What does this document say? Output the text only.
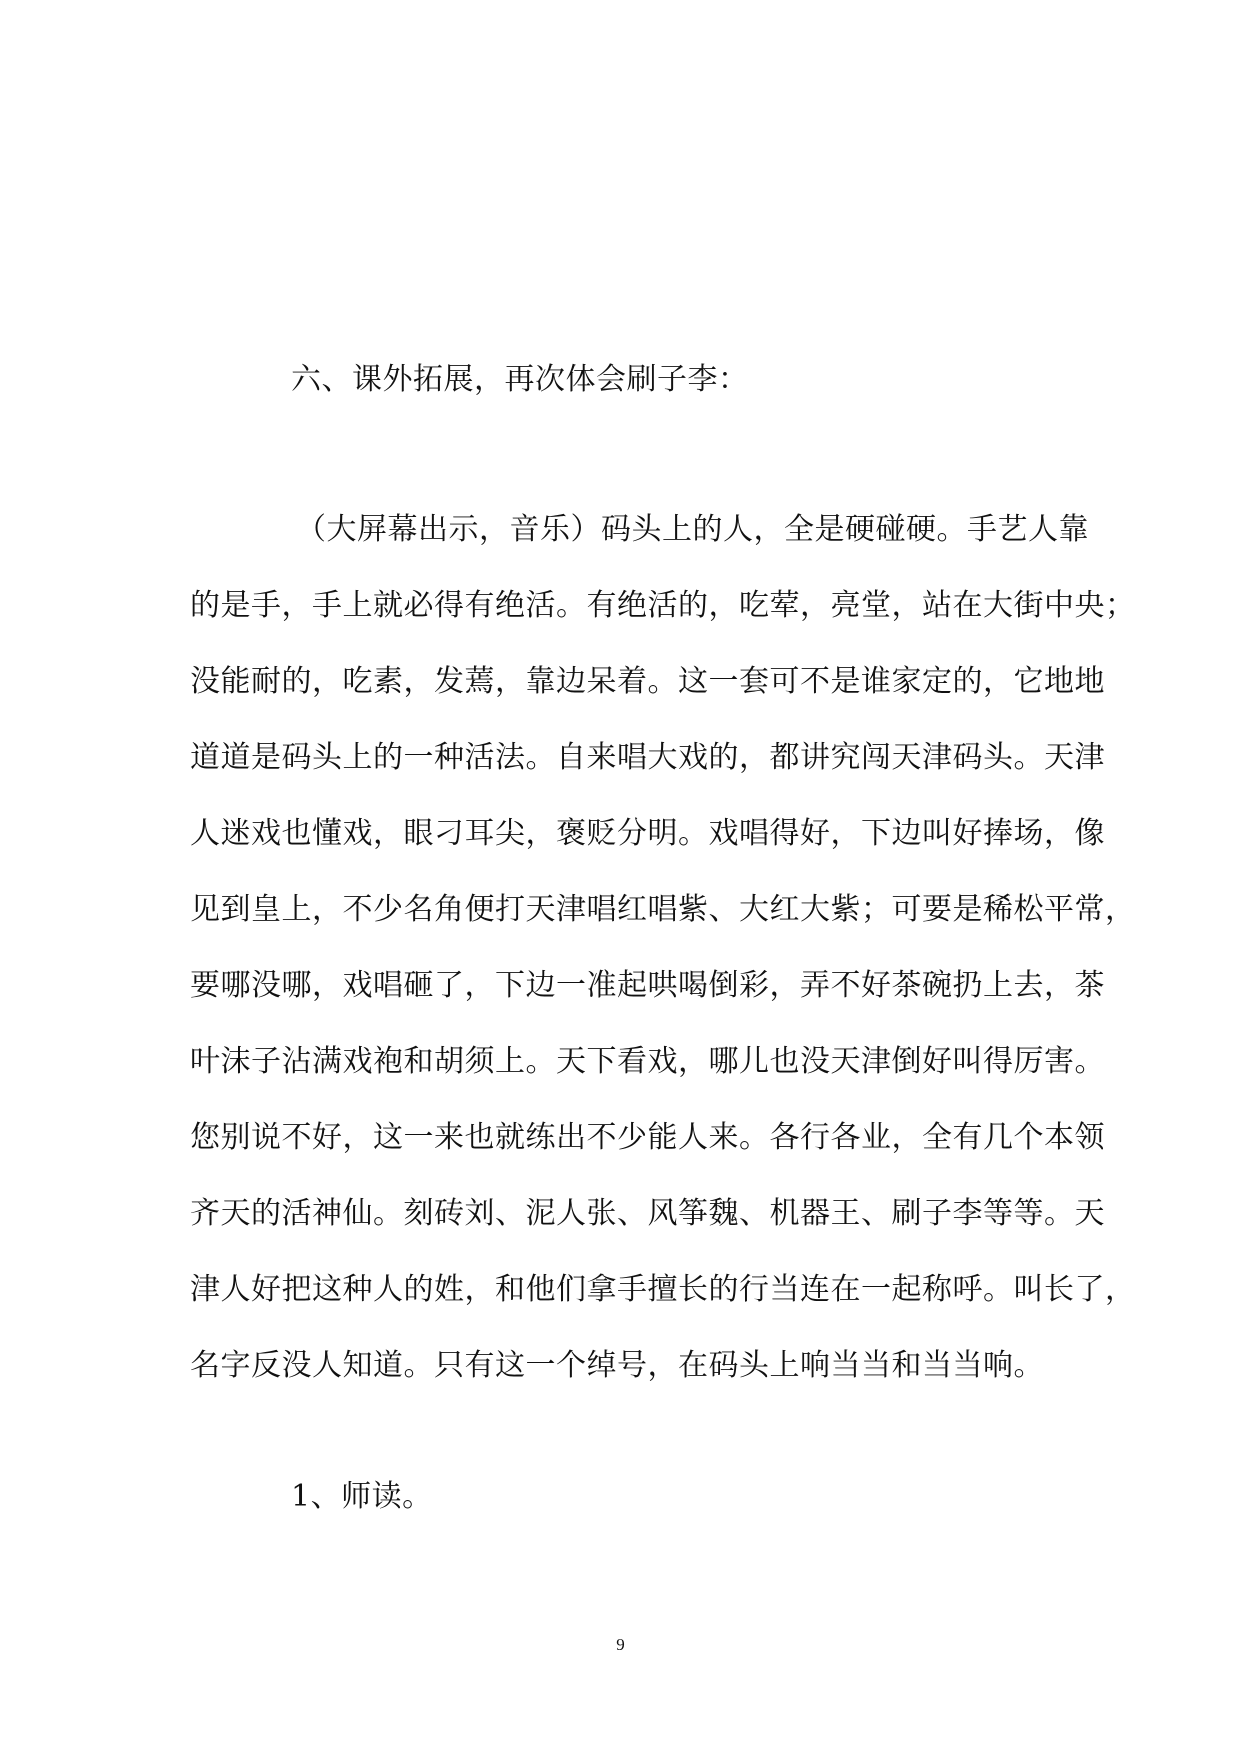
六、课外拓展，再次体会刷子李：
（大屏幕出示，音乐）码头上的人，全是硬碰硬。手艺人靠
的是手，手上就必得有绝活。有绝活的，吃荤，亮堂，站在大街中央；
没能耐的，吃素，发蔫，靠边呆着。这一套可不是谁家定的，它地地
道道是码头上的一种活法。自来唱大戏的，都讲究闯天津码头。天津
人迷戏也懂戏，眼刁耳尖，褒贬分明。戏唱得好，下边叫好捧场，像
见到皇上，不少名角便打天津唱红唱紫、大红大紫；可要是稀松平常，
要哪没哪，戏唱砸了，下边一准起哄喝倒彩，弄不好茶碗扔上去，茶
叶沫子沾满戏袍和胡须上。天下看戏，哪儿也没天津倒好叫得厉害。
您别说不好，这一来也就练出不少能人来。各行各业，全有几个本领
齐天的活神仙。刻砖刘、泥人张、风筝魏、机器王、刷子李等等。天
津人好把这种人的姓，和他们拿手擅长的行当连在一起称呼。叫长了，
名字反没人知道。只有这一个绰号，在码头上响当当和当当响。
1、师读。
9
